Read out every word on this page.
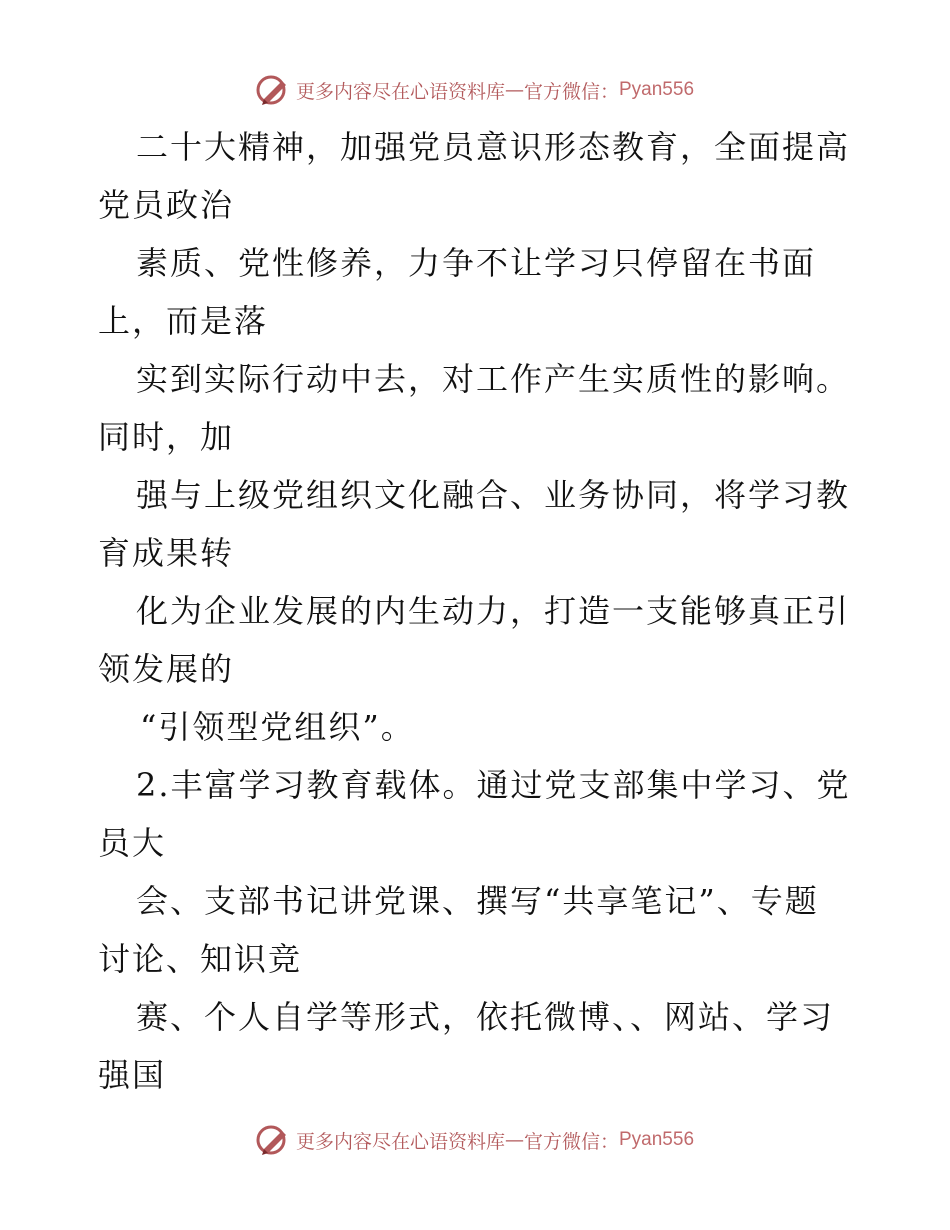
更多内容尽在心语资料库 — 官方微信： Pyan556
二十大精神，加强党员意识形态教育，全面提高
党员政治
素质、党性修养，力争不让学习只停留在书面
上，而是落
实到实际行动中去，对工作产生实质性的影响。
同时，加
强与上级党组织文化融合、业务协同，将学习教
育成果转
化为企业发展的内生动力，打造一支能够真正引
领发展的
“引领型党组织”。
2.丰富学习教育载体。通过党支部集中学习、党
员大
会、支部书记讲党课、撰写“共享笔记”、专题
讨论、知识竞
赛、个人自学等形式，依托微博、、网站、学习
强国
更多内容尽在心语资料库 — 官方微信： Pyan556
